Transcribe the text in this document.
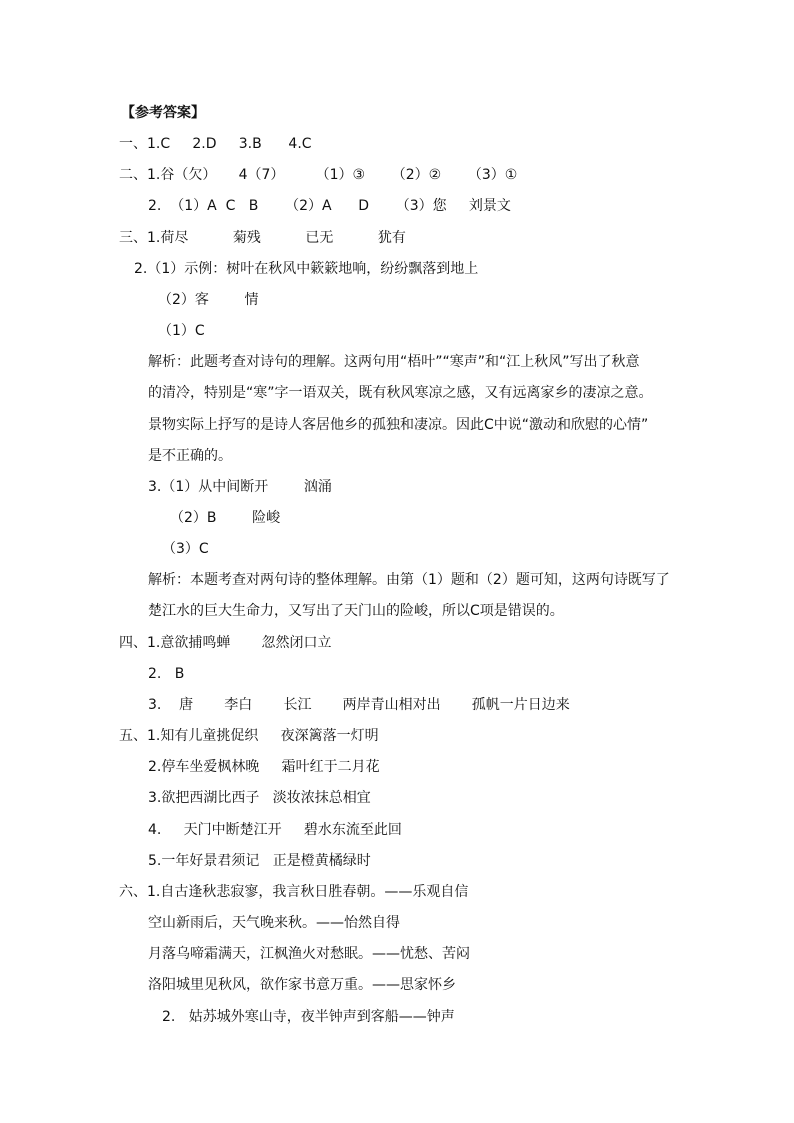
【参考答案】
一、1.C     2.D     3.B      4.C
二、1.谷（欠）     4（7）       （1）③      （2）②      （3）①
2.  （1）A  C   B      （2）A      D      （3）您     刘景文
三、1.荷尽          菊残          已无          犹有
2.（1）示例：树叶在秋风中簌簌地响，纷纷飘落到地上
（2）客        情
（1）C
解析：此题考查对诗句的理解。这两句用“梧叶”“寒声”和“江上秋风”写出了秋意
的清冷，特别是“寒”字一语双关，既有秋风寒凉之感，又有远离家乡的凄凉之意。
景物实际上抒写的是诗人客居他乡的孤独和凄凉。因此C中说“激动和欣慰的心情”
是不正确的。
3.（1）从中间断开        汹涌
（2）B        险峻
（3）C
解析：本题考查对两句诗的整体理解。由第（1）题和（2）题可知，这两句诗既写了
楚江水的巨大生命力，又写出了天门山的险峻，所以C项是错误的。
四、1.意欲捕鸣蝉       忽然闭口立
2.   B
3.    唐       李白       长江       两岸青山相对出       孤帆一片日边来
五、1.知有儿童挑促织     夜深篱落一灯明
2.停车坐爱枫林晚     霜叶红于二月花
3.欲把西湖比西子   淡妆浓抹总相宜
4.     天门中断楚江开     碧水东流至此回
5.一年好景君须记   正是橙黄橘绿时
六、1.自古逢秋悲寂寥，我言秋日胜春朝。——乐观自信
空山新雨后，天气晚来秋。——怡然自得
月落乌啼霜满天，江枫渔火对愁眠。——忧愁、苦闷
洛阳城里见秋风，欲作家书意万重。——思家怀乡
2.   姑苏城外寒山寺，夜半钟声到客船——钟声
